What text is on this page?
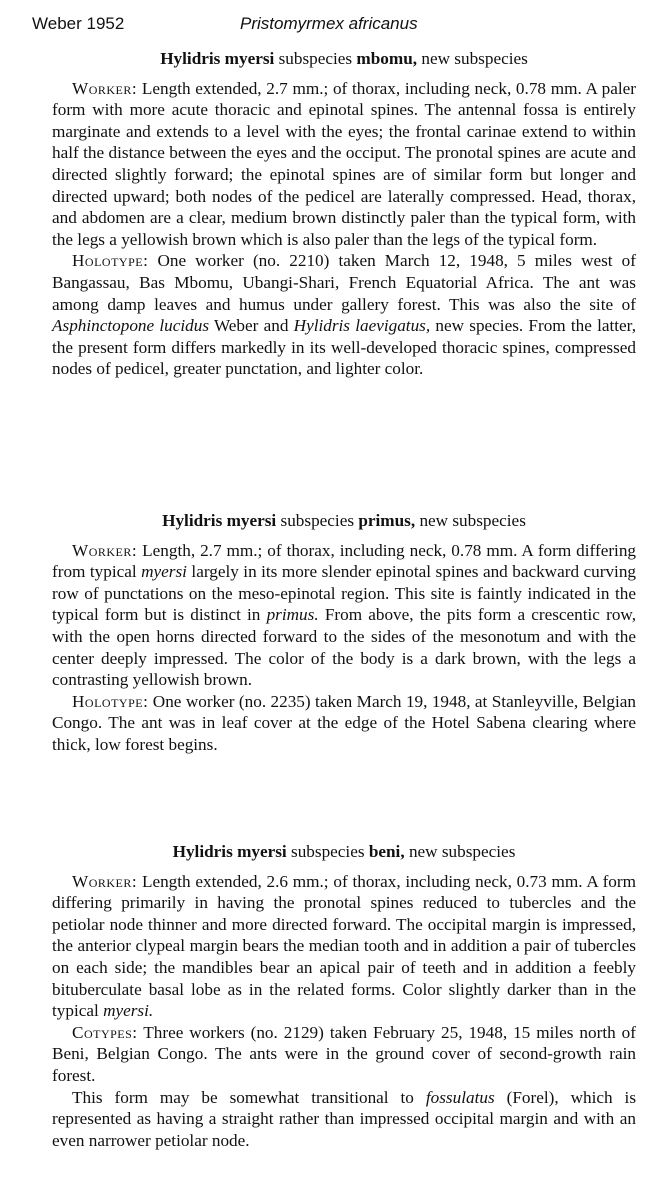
Weber 1952	Pristomyrmex africanus
Hylidris myersi subspecies mbomu, new subspecies

Worker: Length extended, 2.7 mm.; of thorax, including neck, 0.78 mm. A paler form with more acute thoracic and epinotal spines. The antennal fossa is entirely marginate and extends to a level with the eyes; the frontal carinae extend to within half the distance between the eyes and the occiput. The pronotal spines are acute and directed slightly forward; the epinotal spines are of similar form but longer and directed upward; both nodes of the pedicel are laterally compressed. Head, thorax, and abdomen are a clear, medium brown distinctly paler than the typical form, with the legs a yellowish brown which is also paler than the legs of the typical form.

Holotype: One worker (no. 2210) taken March 12, 1948, 5 miles west of Bangassau, Bas Mbomu, Ubangi-Shari, French Equatorial Africa. The ant was among damp leaves and humus under gallery forest. This was also the site of Asphinctopone lucidus Weber and Hylidris laevigatus, new species. From the latter, the present form differs markedly in its well-developed thoracic spines, compressed nodes of pedicel, greater punctation, and lighter color.

Hylidris myersi subspecies primus, new subspecies

Worker: Length, 2.7 mm.; of thorax, including neck, 0.78 mm. A form differing from typical myersi largely in its more slender epinotal spines and backward curving row of punctations on the meso-epinotal region. This site is faintly indicated in the typical form but is distinct in primus. From above, the pits form a crescentic row, with the open horns directed forward to the sides of the mesonotum and with the center deeply impressed. The color of the body is a dark brown, with the legs a contrasting yellowish brown.

Holotype: One worker (no. 2235) taken March 19, 1948, at Stanleyville, Belgian Congo. The ant was in leaf cover at the edge of the Hotel Sabena clearing where thick, low forest begins.

Hylidris myersi subspecies beni, new subspecies

Worker: Length extended, 2.6 mm.; of thorax, including neck, 0.73 mm. A form differing primarily in having the pronotal spines reduced to tubercles and the petiolar node thinner and more directed forward. The occipital margin is impressed, the anterior clypeal margin bears the median tooth and in addition a pair of tubercles on each side; the mandibles bear an apical pair of teeth and in addition a feebly bituberculate basal lobe as in the related forms. Color slightly darker than in the typical myersi.

Cotypes: Three workers (no. 2129) taken February 25, 1948, 15 miles north of Beni, Belgian Congo. The ants were in the ground cover of second-growth rain forest.

This form may be somewhat transitional to fossulatus (Forel), which is represented as having a straight rather than impressed occipital margin and with an even narrower petiolar node.
